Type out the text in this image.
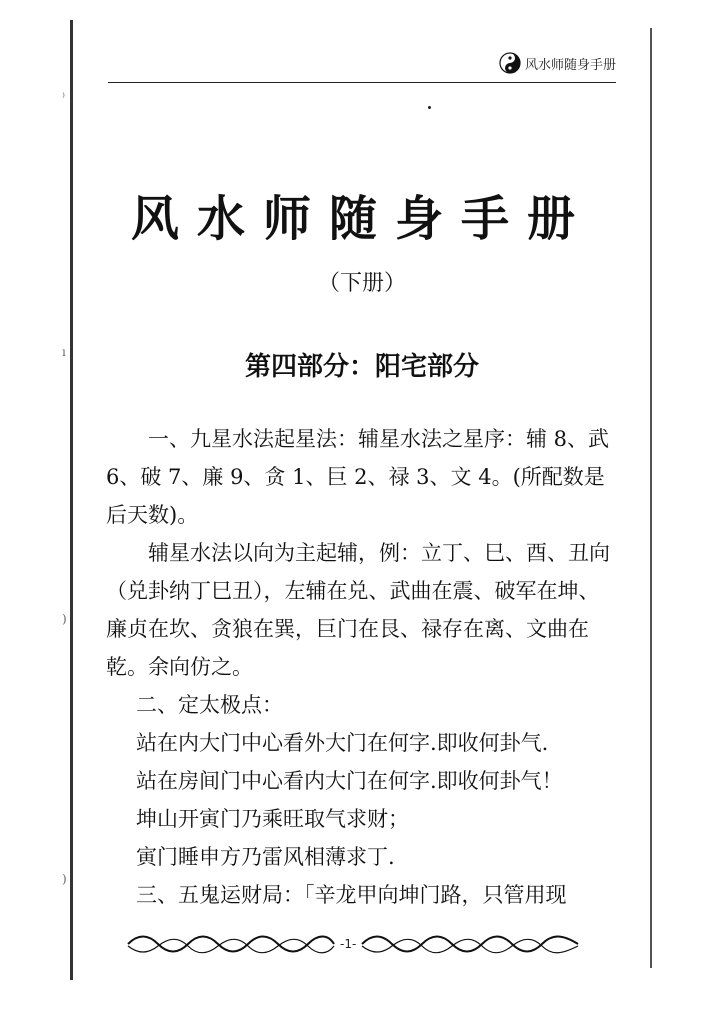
风水师随身手册
风水师随身手册
（下册）
第四部分：阳宅部分

一、九星水法起星法：辅星水法之星序：辅 8、武 6、破 7、廉 9、贪 1、巨 2、禄 3、文 4。(所配数是后天数)。

辅星水法以向为主起辅，例：立丁、巳、酉、丑向（兑卦纳丁巳丑），左辅在兑、武曲在震、破军在坤、廉贞在坎、贪狼在巽，巨门在艮、禄存在离、文曲在乾。余向仿之。

二、定太极点：

站在内大门中心看外大门在何字.即收何卦气.

站在房间门中心看内大门在何字.即收何卦气！

坤山开寅门乃乘旺取气求财；

寅门睡申方乃雷风相薄求丁.

三、五鬼运财局：「辛龙甲向坤门路，只管用现

-1-
⁾
ı
)
)
